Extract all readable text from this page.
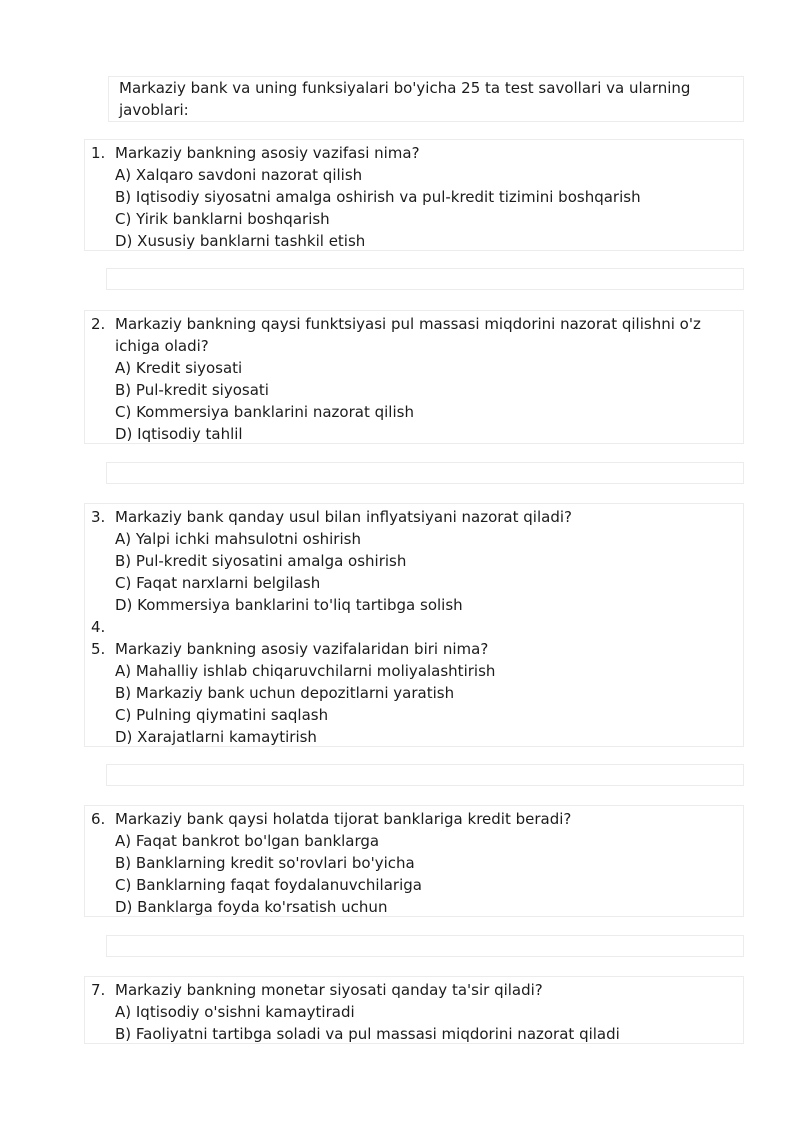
Markaziy bank va uning funksiyalari bo'yicha 25 ta test savollari va ularning javoblari:

1. Markaziy bankning asosiy vazifasi nima?
A) Xalqaro savdoni nazorat qilish
B) Iqtisodiy siyosatni amalga oshirish va pul-kredit tizimini boshqarish
C) Yirik banklarni boshqarish
D) Xususiy banklarni tashkil etish
2. Markaziy bankning qaysi funktsiyasi pul massasi miqdorini nazorat qilishni o'z ichiga oladi?
A) Kredit siyosati
B) Pul-kredit siyosati
C) Kommersiya banklarini nazorat qilish
D) Iqtisodiy tahlil
3. Markaziy bank qanday usul bilan inflyatsiyani nazorat qiladi?
A) Yalpi ichki mahsulotni oshirish
B) Pul-kredit siyosatini amalga oshirish
C) Faqat narxlarni belgilash
D) Kommersiya banklarini to'liq tartibga solish
4.
5. Markaziy bankning asosiy vazifalaridan biri nima?
A) Mahalliy ishlab chiqaruvchilarni moliyalashtirish
B) Markaziy bank uchun depozitlarni yaratish
C) Pulning qiymatini saqlash
D) Xarajatlarni kamaytirish
6. Markaziy bank qaysi holatda tijorat banklariga kredit beradi?
A) Faqat bankrot bo'lgan banklarga
B) Banklarning kredit so'rovlari bo'yicha
C) Banklarning faqat foydalanuvchilariga
D) Banklarga foyda ko'rsatish uchun
7. Markaziy bankning monetar siyosati qanday ta'sir qiladi?
A) Iqtisodiy o'sishni kamaytiradi
B) Faoliyatni tartibga soladi va pul massasi miqdorini nazorat qiladi
